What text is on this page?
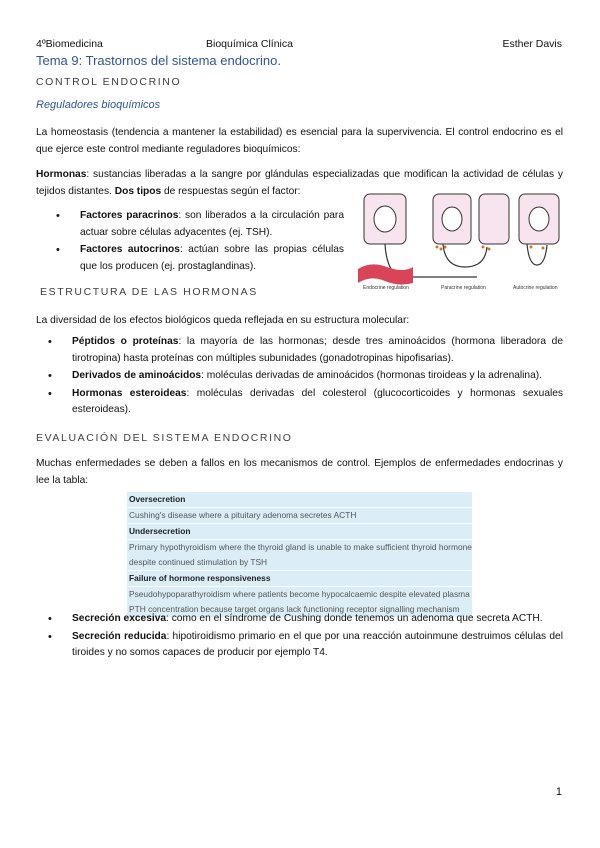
4ºBiomedicina	Bioquímica Clínica	Esther Davis
Tema 9: Trastornos del sistema endocrino.
CONTROL ENDOCRINO
Reguladores bioquímicos
La homeostasis (tendencia a mantener la estabilidad) es esencial para la supervivencia. El control endocrino es el que ejerce este control mediante reguladores bioquímicos:
Hormonas: sustancias liberadas a la sangre por glándulas especializadas que modifican la actividad de células y tejidos distantes. Dos tipos de respuestas según el factor:
• Factores paracrinos: son liberados a la circulación para actuar sobre células adyacentes (ej. TSH).
• Factores autocrinos: actúan sobre las propias células que los producen (ej. prostaglandinas).
Endocrine regulation	Paracrine regulation	Autocrine regulation
ESTRUCTURA DE LAS HORMONAS
La diversidad de los efectos biológicos queda reflejada en su estructura molecular:
• Péptidos o proteínas: la mayoría de las hormonas; desde tres aminoácidos (hormona liberadora de tirotropina) hasta proteínas con múltiples subunidades (gonadotropinas hipofisarias).
• Derivados de aminoácidos: moléculas derivadas de aminoácidos (hormonas tiroideas y la adrenalina).
• Hormonas esteroideas: moléculas derivadas del colesterol (glucocorticoides y hormonas sexuales esteroideas).
EVALUACIÓN DEL SISTEMA ENDOCRINO
Muchas enfermedades se deben a fallos en los mecanismos de control. Ejemplos de enfermedades endocrinas y lee la tabla:
Oversecretion
Cushing's disease where a pituitary adenoma secretes ACTH
Undersecretion
Primary hypothyroidism where the thyroid gland is unable to make sufficient thyroid hormone despite continued stimulation by TSH
Failure of hormone responsiveness
Pseudohypoparathyroidism where patients become hypocalcaemic despite elevated plasma PTH concentration because target organs lack functioning receptor signalling mechanism
• Secreción excesiva: como en el síndrome de Cushing donde tenemos un adenoma que secreta ACTH.
• Secreción reducida: hipotiroidismo primario en el que por una reacción autoinmune destruimos células del tiroides y no somos capaces de producir por ejemplo T4.
1
